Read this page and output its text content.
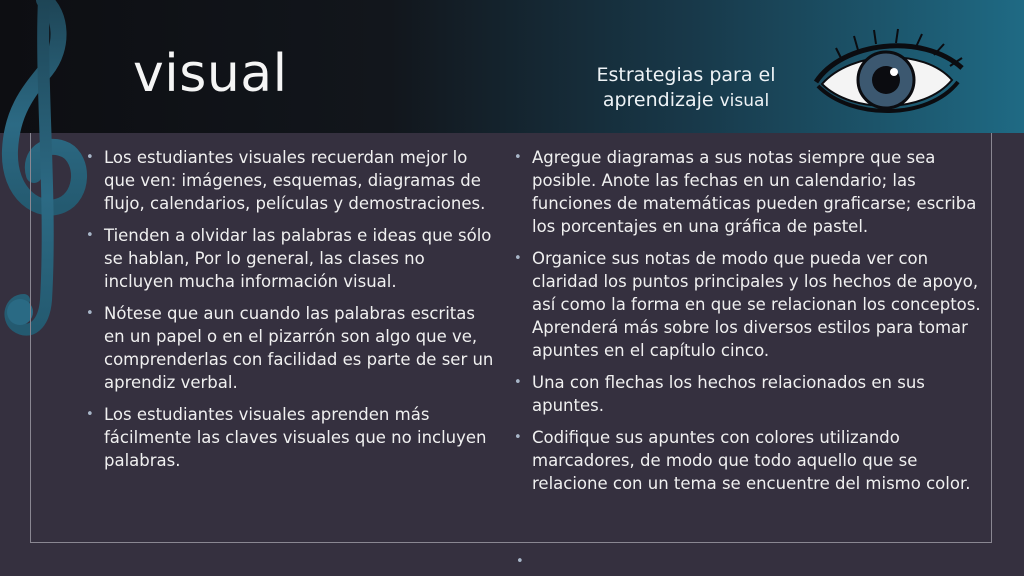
visual	Estrategias para el
aprendizaje visual
• Los estudiantes visuales recuerdan mejor lo que ven: imágenes, esquemas, diagramas de flujo, calendarios, películas y demostraciones.
• Tienden a olvidar las palabras e ideas que sólo se hablan, Por lo general, las clases no incluyen mucha información visual.
• Nótese que aun cuando las palabras escritas en un papel o en el pizarrón son algo que ve, comprenderlas con facilidad es parte de ser un aprendiz verbal.
• Los estudiantes visuales aprenden más fácilmente las claves visuales que no incluyen palabras.
• Agregue diagramas a sus notas siempre que sea posible. Anote las fechas en un calendario; las funciones de matemáticas pueden graficarse; escriba los porcentajes en una gráfica de pastel.
• Organice sus notas de modo que pueda ver con claridad los puntos principales y los hechos de apoyo, así como la forma en que se relacionan los conceptos. Aprenderá más sobre los diversos estilos para tomar apuntes en el capítulo cinco.
• Una con flechas los hechos relacionados en sus apuntes.
• Codifique sus apuntes con colores utilizando marcadores, de modo que todo aquello que se relacione con un tema se encuentre del mismo color.
•
